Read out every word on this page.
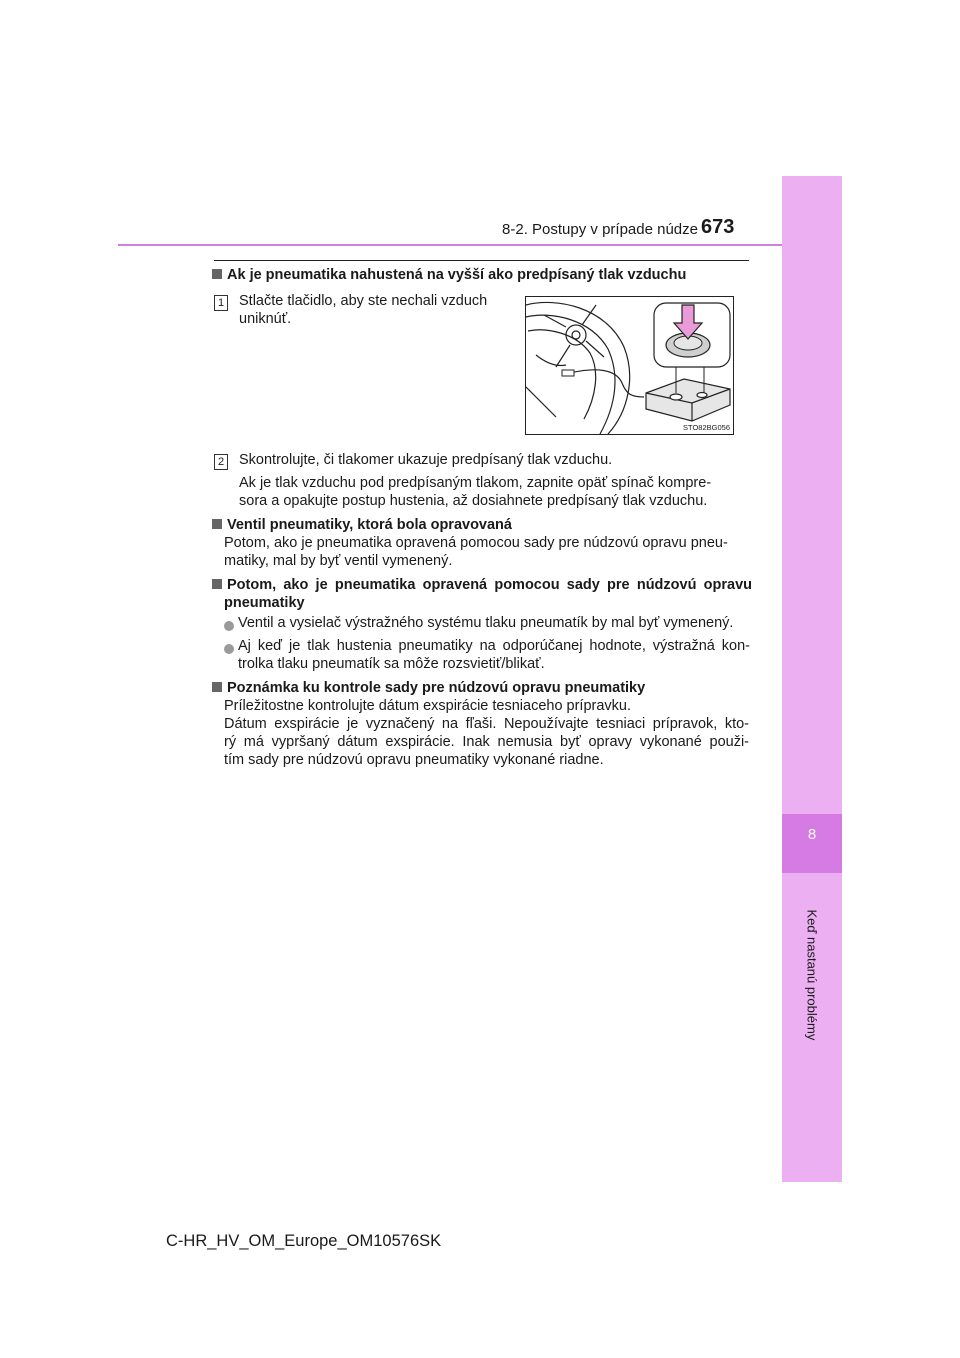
8
Keď nastanú problémy
8-2. Postupy v prípade núdze 673
Ak je pneumatika nahustená na vyšší ako predpísaný tlak vzduchu
1 Stlačte tlačidlo, aby ste nechali vzduch
uniknúť.
STO82BG056
2 Skontrolujte, či tlakomer ukazuje predpísaný tlak vzduchu.
Ak je tlak vzduchu pod predpísaným tlakom, zapnite opäť spínač kompre-
sora a opakujte postup hustenia, až dosiahnete predpísaný tlak vzduchu.
Ventil pneumatiky, ktorá bola opravovaná
Potom, ako je pneumatika opravená pomocou sady pre núdzovú opravu pneu-
matiky, mal by byť ventil vymenený.
Potom, ako je pneumatika opravená pomocou sady pre núdzovú opravu
pneumatiky
Ventil a vysielač výstražného systému tlaku pneumatík by mal byť vymenený.
Aj keď je tlak hustenia pneumatiky na odporúčanej hodnote, výstražná kon-
trolka tlaku pneumatík sa môže rozsvietiť/blikať.
Poznámka ku kontrole sady pre núdzovú opravu pneumatiky
Príležitostne kontrolujte dátum exspirácie tesniaceho prípravku.
Dátum exspirácie je vyznačený na fľaši. Nepoužívajte tesniaci prípravok, kto-
rý má vypršaný dátum exspirácie. Inak nemusia byť opravy vykonané použi-
tím sady pre núdzovú opravu pneumatiky vykonané riadne.
C-HR_HV_OM_Europe_OM10576SK
